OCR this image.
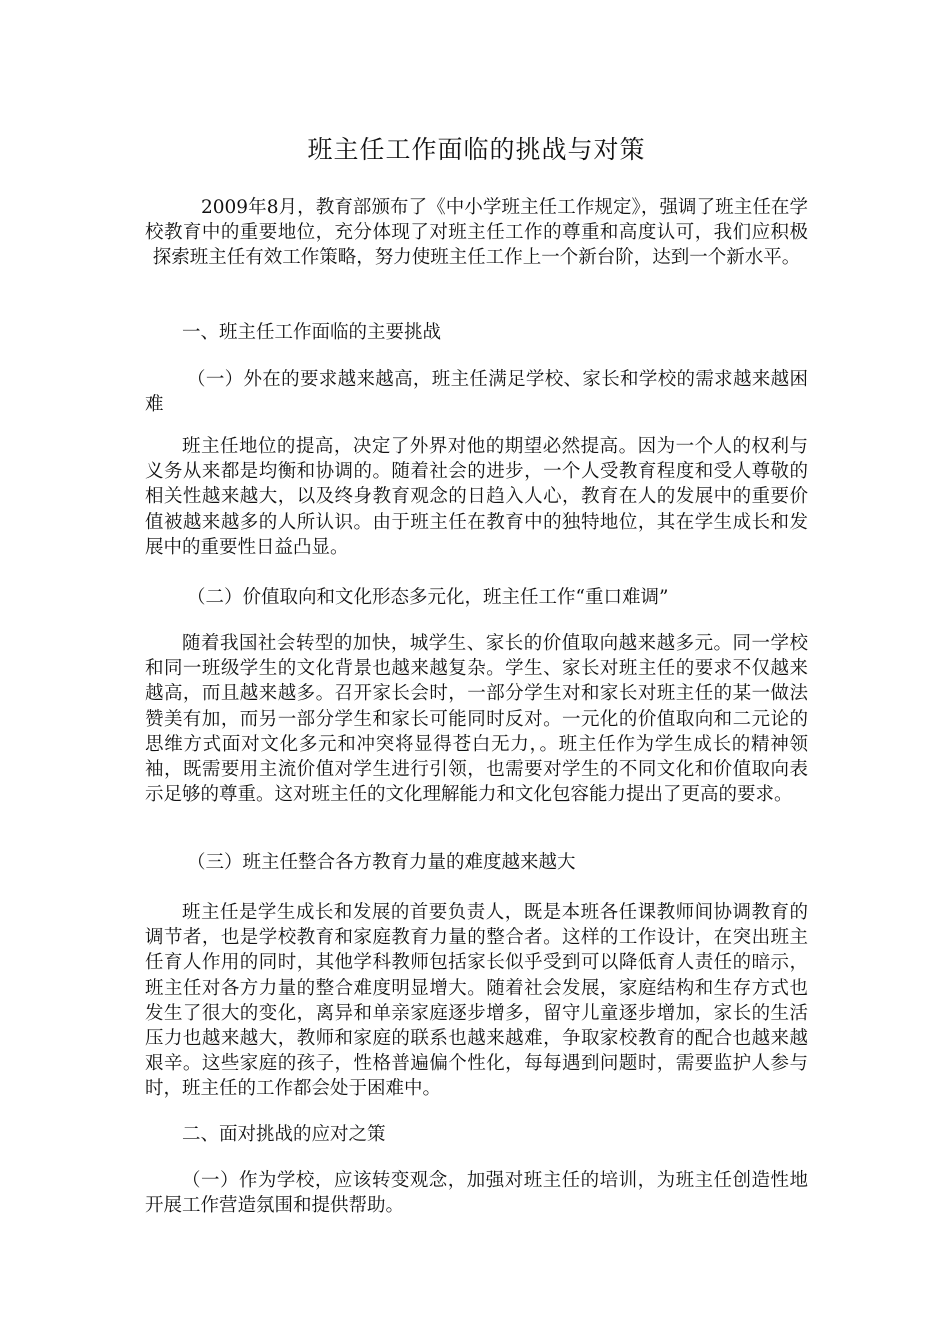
班主任工作面临的挑战与对策

2009年8月，教育部颁布了《中小学班主任工作规定》，强调了班主任在学校教育中的重要地位，充分体现了对班主任工作的尊重和高度认可，我们应积极探索班主任有效工作策略，努力使班主任工作上一个新台阶，达到一个新水平。

一、班主任工作面临的主要挑战

（一）外在的要求越来越高，班主任满足学校、家长和学校的需求越来越困难

班主任地位的提高，决定了外界对他的期望必然提高。因为一个人的权利与义务从来都是均衡和协调的。随着社会的进步，一个人受教育程度和受人尊敬的相关性越来越大，以及终身教育观念的日趋入人心，教育在人的发展中的重要价值被越来越多的人所认识。由于班主任在教育中的独特地位，其在学生成长和发展中的重要性日益凸显。

（二）价值取向和文化形态多元化，班主任工作“重口难调”

随着我国社会转型的加快，城学生、家长的价值取向越来越多元。同一学校和同一班级学生的文化背景也越来越复杂。学生、家长对班主任的要求不仅越来越高，而且越来越多。召开家长会时，一部分学生对和家长对班主任的某一做法赞美有加，而另一部分学生和家长可能同时反对。一元化的价值取向和二元论的思维方式面对文化多元和冲突将显得苍白无力，。班主任作为学生成长的精神领袖，既需要用主流价值对学生进行引领，也需要对学生的不同文化和价值取向表示足够的尊重。这对班主任的文化理解能力和文化包容能力提出了更高的要求。

（三）班主任整合各方教育力量的难度越来越大

班主任是学生成长和发展的首要负责人，既是本班各任课教师间协调教育的调节者，也是学校教育和家庭教育力量的整合者。这样的工作设计，在突出班主任育人作用的同时，其他学科教师包括家长似乎受到可以降低育人责任的暗示，班主任对各方力量的整合难度明显增大。随着社会发展，家庭结构和生存方式也发生了很大的变化，离异和单亲家庭逐步增多，留守儿童逐步增加，家长的生活压力也越来越大，教师和家庭的联系也越来越难，争取家校教育的配合也越来越艰辛。这些家庭的孩子，性格普遍偏个性化，每每遇到问题时，需要监护人参与时，班主任的工作都会处于困难中。

二、面对挑战的应对之策

（一）作为学校，应该转变观念，加强对班主任的培训，为班主任创造性地开展工作营造氛围和提供帮助。
